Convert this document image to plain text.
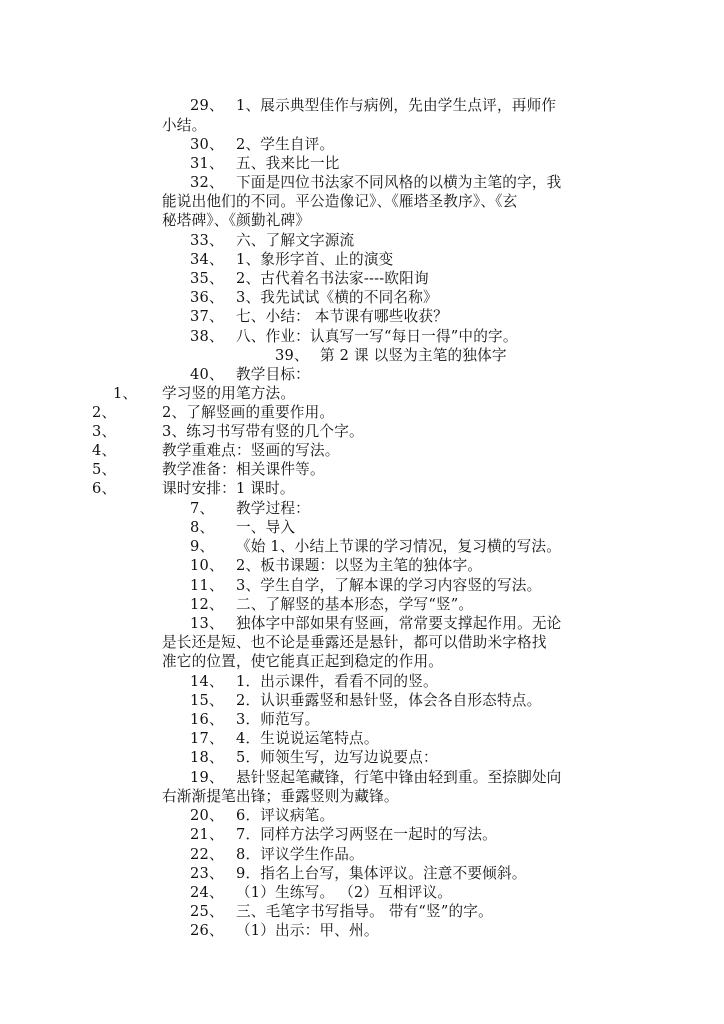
29、 1、展示典型佳作与病例，先由学生点评，再师作
小结。
30、 2、学生自评。
31、 五、我来比一比
32、 下面是四位书法家不同风格的以横为主笔的字，我
能说出他们的不同。平公造像记》、《雁塔圣教序》、《玄
秘塔碑》、《颜勤礼碑》
33、 六、了解文字源流
34、 1、象形字首、止的演变
35、 2、古代着名书法家----欧阳询
36、 3、我先试试《横的不同名称》
37、 七、小结： 本节课有哪些收获？
38、 八、作业：认真写一写“每日一得”中的字。
39、 第 2 课 以竖为主笔的独体字
40、 教学目标：
1、 学习竖的用笔方法。
2、	2、了解竖画的重要作用。
3、	3、练习书写带有竖的几个字。
4、	教学重难点：竖画的写法。
5、	教学准备：相关课件等。
6、	课时安排：1 课时。
7、 教学过程：
8、 一、导入
9、 《始 1、小结上节课的学习情况，复习横的写法。
10、 2、板书课题：以竖为主笔的独体字。
11、 3、学生自学，了解本课的学习内容竖的写法。
12、 二、了解竖的基本形态，学写“竖”。
13、 独体字中部如果有竖画，常常要支撑起作用。无论
是长还是短、也不论是垂露还是悬针，都可以借助米字格找
准它的位置，使它能真正起到稳定的作用。
14、 1．出示课件，看看不同的竖。
15、 2．认识垂露竖和悬针竖，体会各自形态特点。
16、 3．师范写。
17、 4．生说说运笔特点。
18、 5．师领生写，边写边说要点：
19、 悬针竖起笔藏锋，行笔中锋由轻到重。至捺脚处向
右渐渐提笔出锋；垂露竖则为藏锋。
20、 6．评议病笔。
21、 7．同样方法学习两竖在一起时的写法。
22、 8．评议学生作品。
23、 9．指名上台写，集体评议。注意不要倾斜。
24、 （1）生练写。 （2）互相评议。
25、 三、毛笔字书写指导。 带有“竖”的字。
26、 （1）出示：甲、州。
